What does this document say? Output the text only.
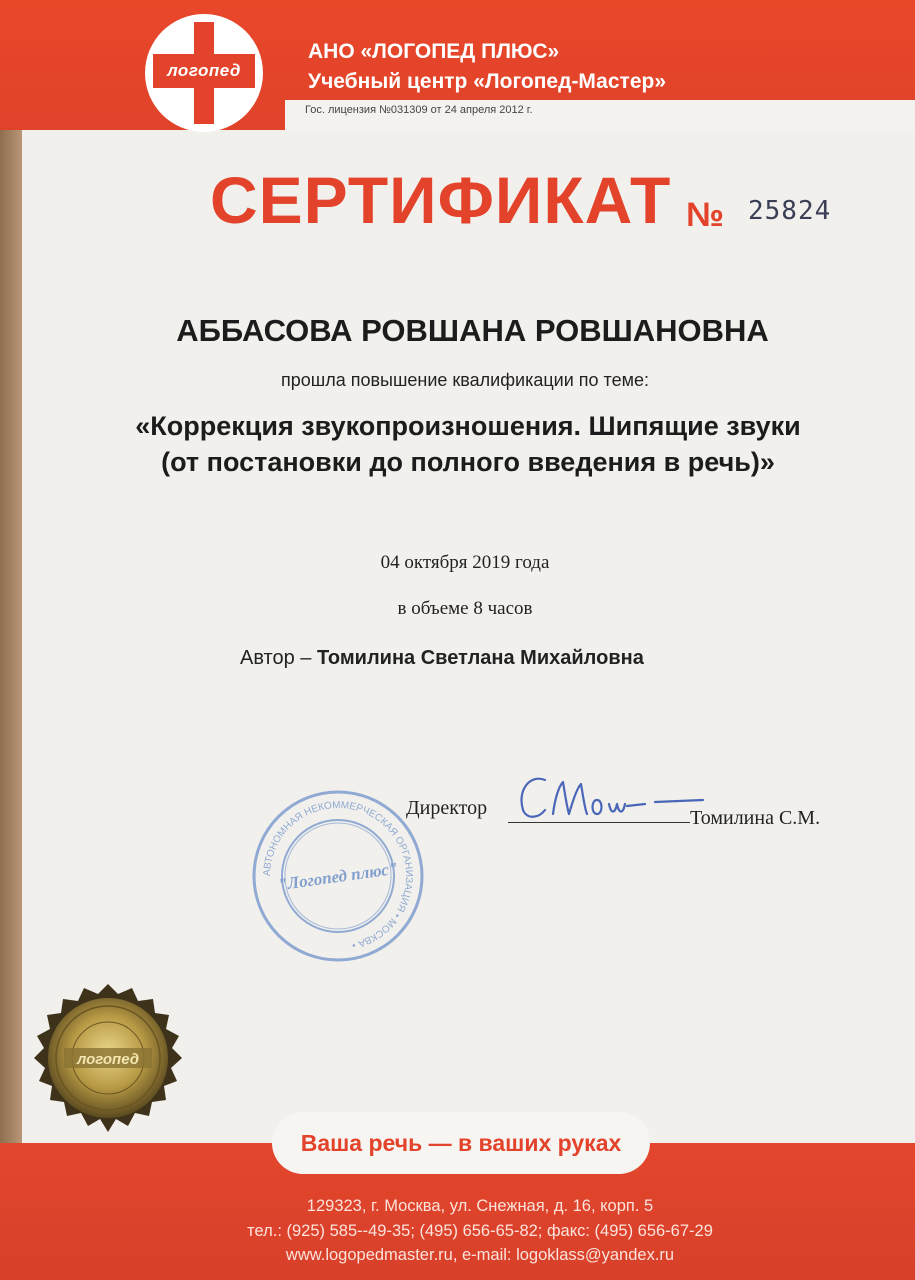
логопед
АНО «ЛОГОПЕД ПЛЮС»
Учебный центр «Логопед-Мастер»
Гос. лицензия №031309 от 24 апреля 2012 г.
СЕРТИФИКАТ № 25824
АББАСОВА РОВШАНА РОВШАНОВНА
прошла повышение квалификации по теме:
«Коррекция звукопроизношения. Шипящие звуки (от постановки до полного введения в речь)»
04 октября 2019 года
в объеме 8 часов
Автор – Томилина Светлана Михайловна
АВТОНОМНАЯ НЕКОММЕРЧЕСКАЯ ОРГАНИЗАЦИЯ • МОСКВА •
"Логопед плюс"
Директор	Томилина С.М.
Ваша речь — в ваших руках
логопед
129323, г. Москва, ул. Снежная, д. 16, корп. 5
тел.: (925) 585--49-35; (495) 656-65-82; факс: (495) 656-67-29
www.logopedmaster.ru, e-mail: logoklass@yandex.ru
